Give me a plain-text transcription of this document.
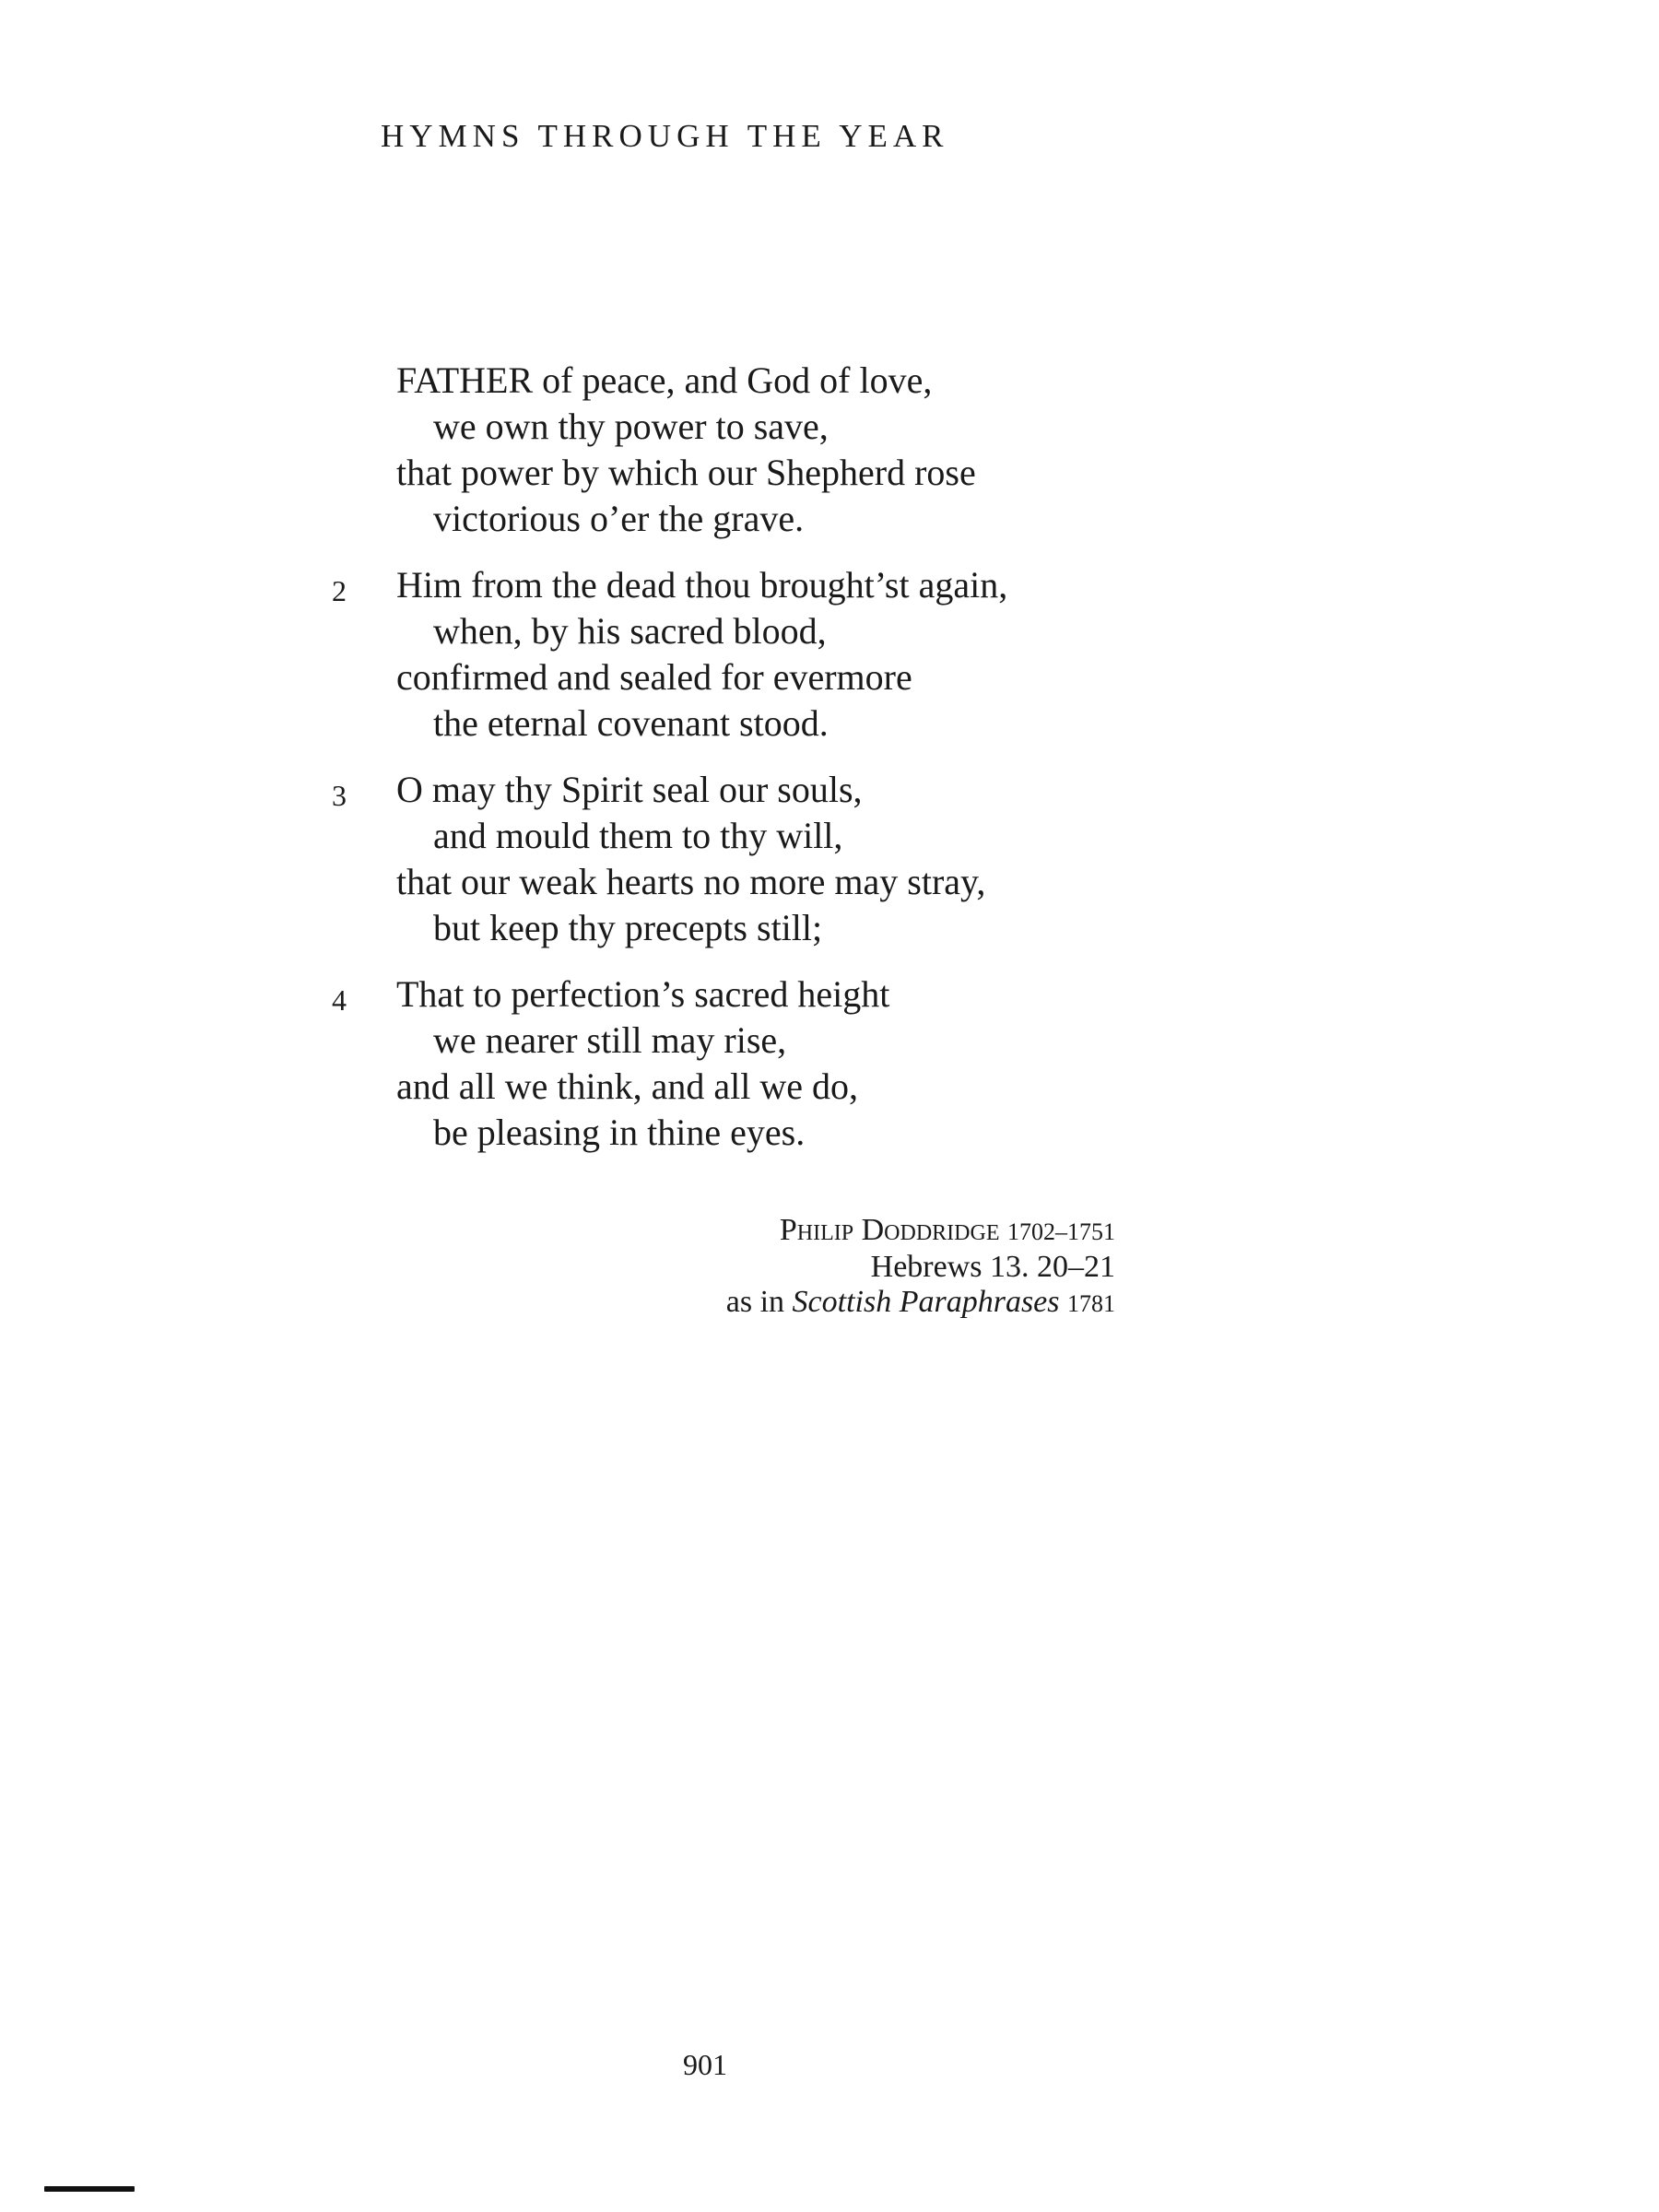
HYMNS THROUGH THE YEAR
FATHER of peace, and God of love,
we own thy power to save,
that power by which our Shepherd rose
victorious o’er the grave.
2	Him from the dead thou brought’st again,
when, by his sacred blood,
confirmed and sealed for evermore
the eternal covenant stood.
3	O may thy Spirit seal our souls,
and mould them to thy will,
that our weak hearts no more may stray,
but keep thy precepts still;
4	That to perfection’s sacred height
we nearer still may rise,
and all we think, and all we do,
be pleasing in thine eyes.
Philip Doddridge 1702–1751
Hebrews 13. 20–21
as in Scottish Paraphrases 1781
901
